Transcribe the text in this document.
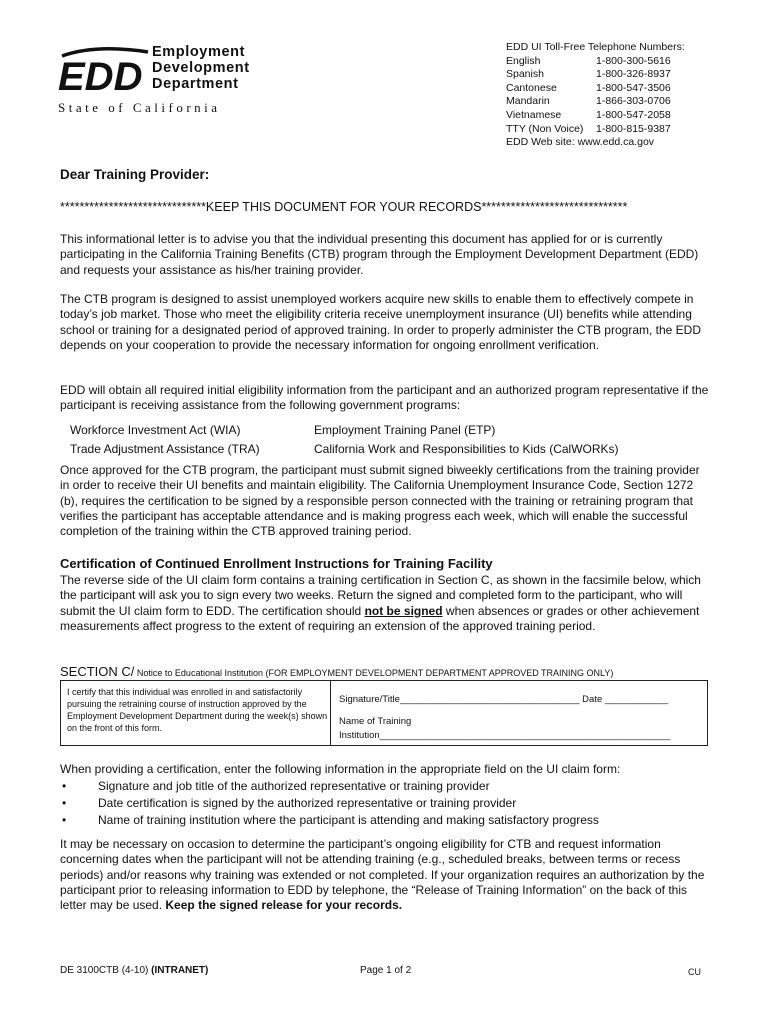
EDD
Employment
Development
Department
State of California
EDD UI Toll-Free Telephone Numbers:
English	1-800-300-5616
Spanish	1-800-326-8937
Cantonese	1-800-547-3506
Mandarin	1-866-303-0706
Vietnamese	1-800-547-2058
TTY (Non Voice)	1-800-815-9387
EDD Web site: www.edd.ca.gov
Dear Training Provider:
******************************KEEP THIS DOCUMENT FOR YOUR RECORDS******************************

This informational letter is to advise you that the individual presenting this document has applied for or is currently participating in the California Training Benefits (CTB) program through the Employment Development Department (EDD) and requests your assistance as his/her training provider.

The CTB program is designed to assist unemployed workers acquire new skills to enable them to effectively compete in today’s job market. Those who meet the eligibility criteria receive unemployment insurance (UI) benefits while attending school or training for a designated period of approved training. In order to properly administer the CTB program, the EDD depends on your cooperation to provide the necessary information for ongoing enrollment verification.

EDD will obtain all required initial eligibility information from the participant and an authorized program representative if the participant is receiving assistance from the following government programs:

Workforce Investment Act (WIA)	Employment Training Panel (ETP)
Trade Adjustment Assistance (TRA)	California Work and Responsibilities to Kids (CalWORKs)

Once approved for the CTB program, the participant must submit signed biweekly certifications from the training provider in order to receive their UI benefits and maintain eligibility. The California Unemployment Insurance Code, Section 1272 (b), requires the certification to be signed by a responsible person connected with the training or retraining program that verifies the participant has acceptable attendance and is making progress each week, which will enable the successful completion of the training within the CTB approved training period.

Certification of Continued Enrollment Instructions for Training Facility

The reverse side of the UI claim form contains a training certification in Section C, as shown in the facsimile below, which the participant will ask you to sign every two weeks. Return the signed and completed form to the participant, who will submit the UI claim form to EDD. The certification should not be signed when absences or grades or other achievement measurements affect progress to the extent of requiring an extension of the approved training period.

SECTION C/ Notice to Educational Institution (FOR EMPLOYMENT DEVELOPMENT DEPARTMENT APPROVED TRAINING ONLY)
I certify that this individual was enrolled in and satisfactorily pursuing the retraining course of instruction approved by the Employment Development Department during the week(s) shown on the front of this form.
Signature/Title__________________________________ Date ____________
Name of Training
Institution_______________________________________________________
When providing a certification, enter the following information in the appropriate field on the UI claim form:
•	Signature and job title of the authorized representative or training provider
•	Date certification is signed by the authorized representative or training provider
•	Name of training institution where the participant is attending and making satisfactory progress

It may be necessary on occasion to determine the participant’s ongoing eligibility for CTB and request information concerning dates when the participant will not be attending training (e.g., scheduled breaks, between terms or recess periods) and/or reasons why training was extended or not completed. If your organization requires an authorization by the participant prior to releasing information to EDD by telephone, the “Release of Training Information” on the back of this letter may be used. Keep the signed release for your records.

DE 3100CTB (4-10) (INTRANET)	Page 1 of 2	CU
